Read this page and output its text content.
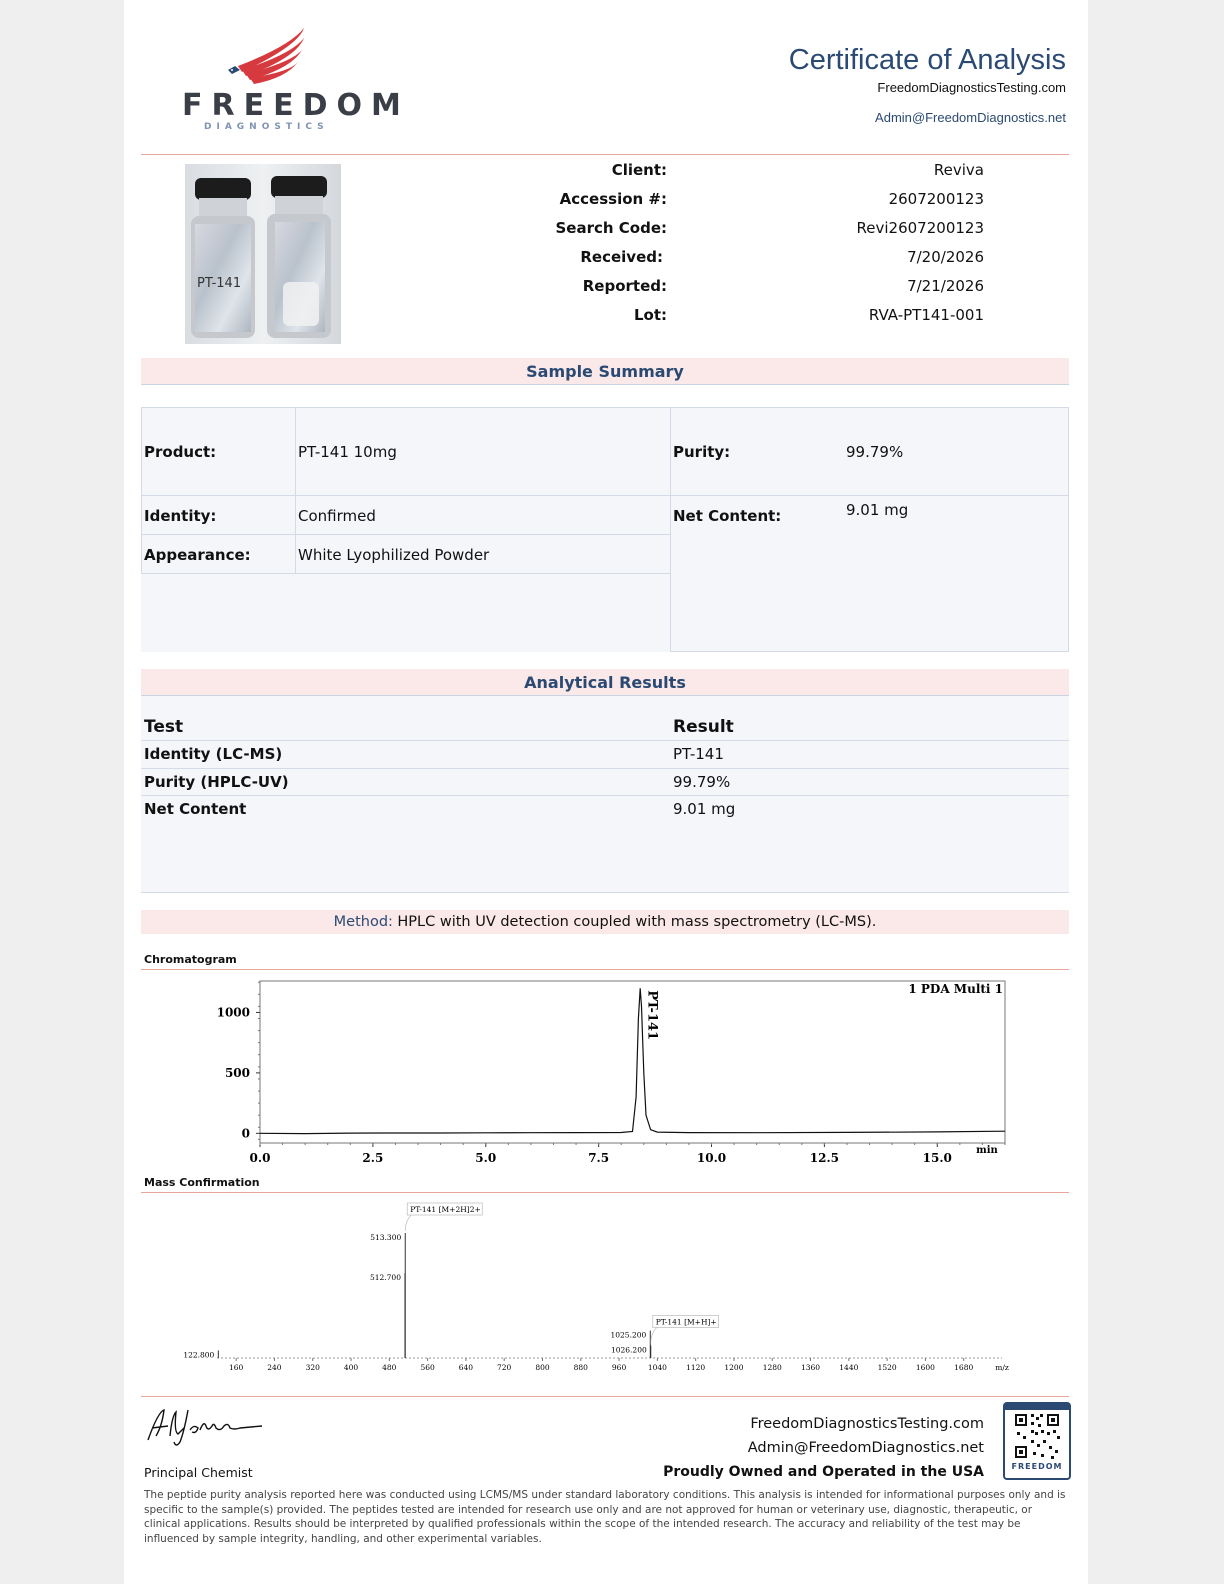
FREEDOM
DIAGNOSTICS
Certificate of Analysis
FreedomDiagnosticsTesting.com
Admin@FreedomDiagnostics.net
PT-141
Client:	Reviva
Accession #:	2607200123
Search Code:	Revi2607200123
Received:	7/20/2026
Reported:	7/21/2026
Lot:	RVA-PT141-001
Sample Summary
Product:	PT-141 10mg
Identity:	Confirmed
Appearance:	White Lyophilized Powder
Purity:	99.79%
Net Content:	9.01 mg
Analytical Results
Test	Result
Identity (LC-MS)	PT-141
Purity (HPLC-UV)	99.79%
Net Content	9.01 mg
Method: HPLC with UV detection coupled with mass spectrometry (LC-MS).
Chromatogram
0.0	2.5	5.0	7.5	10.0	12.5	15.0
0
500
1000
min
1 PDA Multi 1
PT-141
Mass Confirmation
160	240	320	400	480	560	640	720	800	880	960	1040	1120	1200	1280	1360	1440	1520	1600	1680	m/z
122.800
512.700
513.300
1025.200
1026.200
PT-141 [M+2H]2+
PT-141 [M+H]+
Principal Chemist
FreedomDiagnosticsTesting.com
Admin@FreedomDiagnostics.net
Proudly Owned and Operated in the USA	FREEDOM
The peptide purity analysis reported here was conducted using LCMS/MS under standard laboratory conditions. This analysis is intended for informational purposes only and is specific to the sample(s) provided. The peptides tested are intended for research use only and are not approved for human or veterinary use, diagnostic, therapeutic, or clinical applications. Results should be interpreted by qualified professionals within the scope of the intended research. The accuracy and reliability of the test may be influenced by sample integrity, handling, and other experimental variables.
